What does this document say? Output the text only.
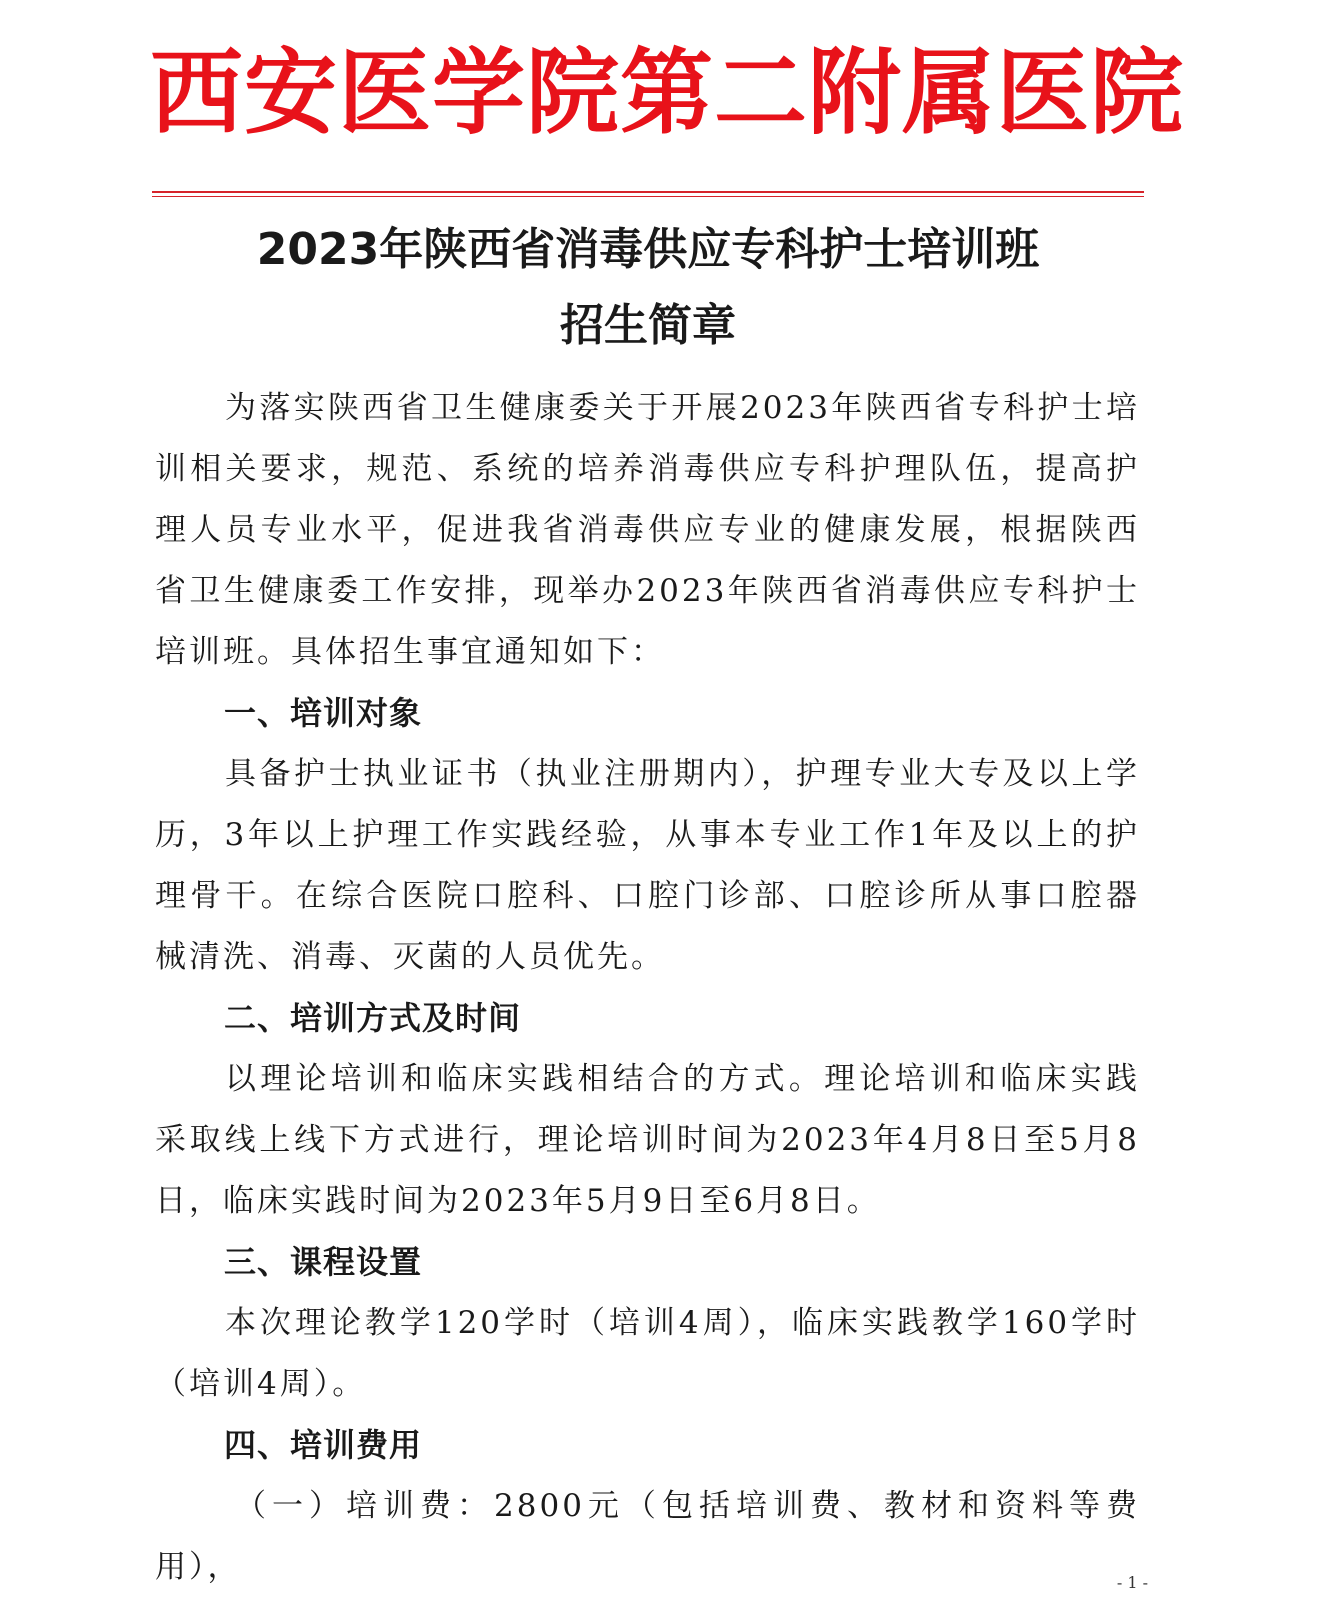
西安医学院第二附属医院
2023年陕西省消毒供应专科护士培训班
招生简章
为落实陕西省卫生健康委关于开展2023年陕西省专科护士培训相关要求，规范、系统的培养消毒供应专科护理队伍，提高护理人员专业水平，促进我省消毒供应专业的健康发展，根据陕西省卫生健康委工作安排，现举办2023年陕西省消毒供应专科护士培训班。具体招生事宜通知如下：
一、培训对象
具备护士执业证书（执业注册期内），护理专业大专及以上学历，3年以上护理工作实践经验，从事本专业工作1年及以上的护理骨干。在综合医院口腔科、口腔门诊部、口腔诊所从事口腔器械清洗、消毒、灭菌的人员优先。
二、培训方式及时间
以理论培训和临床实践相结合的方式。理论培训和临床实践采取线上线下方式进行，理论培训时间为2023年4月8日至5月8日，临床实践时间为2023年5月9日至6月8日。
三、课程设置
本次理论教学120学时（培训4周），临床实践教学160学时（培训4周）。
四、培训费用
（一）培训费：2800元（包括培训费、教材和资料等费用），	- 1 -
